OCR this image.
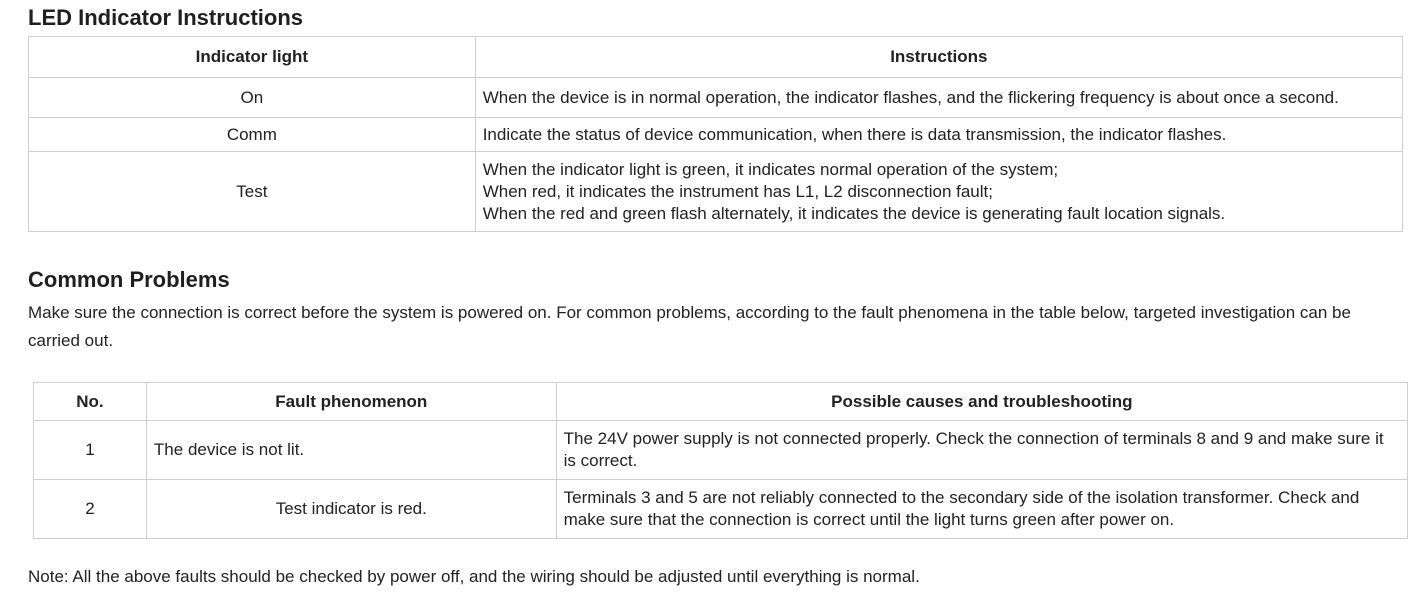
LED Indicator Instructions
Indicator light	Instructions
On	When the device is in normal operation, the indicator flashes, and the flickering frequency is about once a second.
Comm	Indicate the status of device communication, when there is data transmission, the indicator flashes.
Test	When the indicator light is green, it indicates normal operation of the system;
When red, it indicates the instrument has L1, L2 disconnection fault;
When the red and green flash alternately, it indicates the device is generating fault location signals.
Common Problems

Make sure the connection is correct before the system is powered on. For common problems, according to the fault phenomena in the table below, targeted investigation can be carried out.

No.	Fault phenomenon	Possible causes and troubleshooting
1	The device is not lit.	The 24V power supply is not connected properly. Check the connection of terminals 8 and 9 and make sure it is correct.
2	Test indicator is red.	Terminals 3 and 5 are not reliably connected to the secondary side of the isolation transformer. Check and make sure that the connection is correct until the light turns green after power on.

Note: All the above faults should be checked by power off, and the wiring should be adjusted until everything is normal.
